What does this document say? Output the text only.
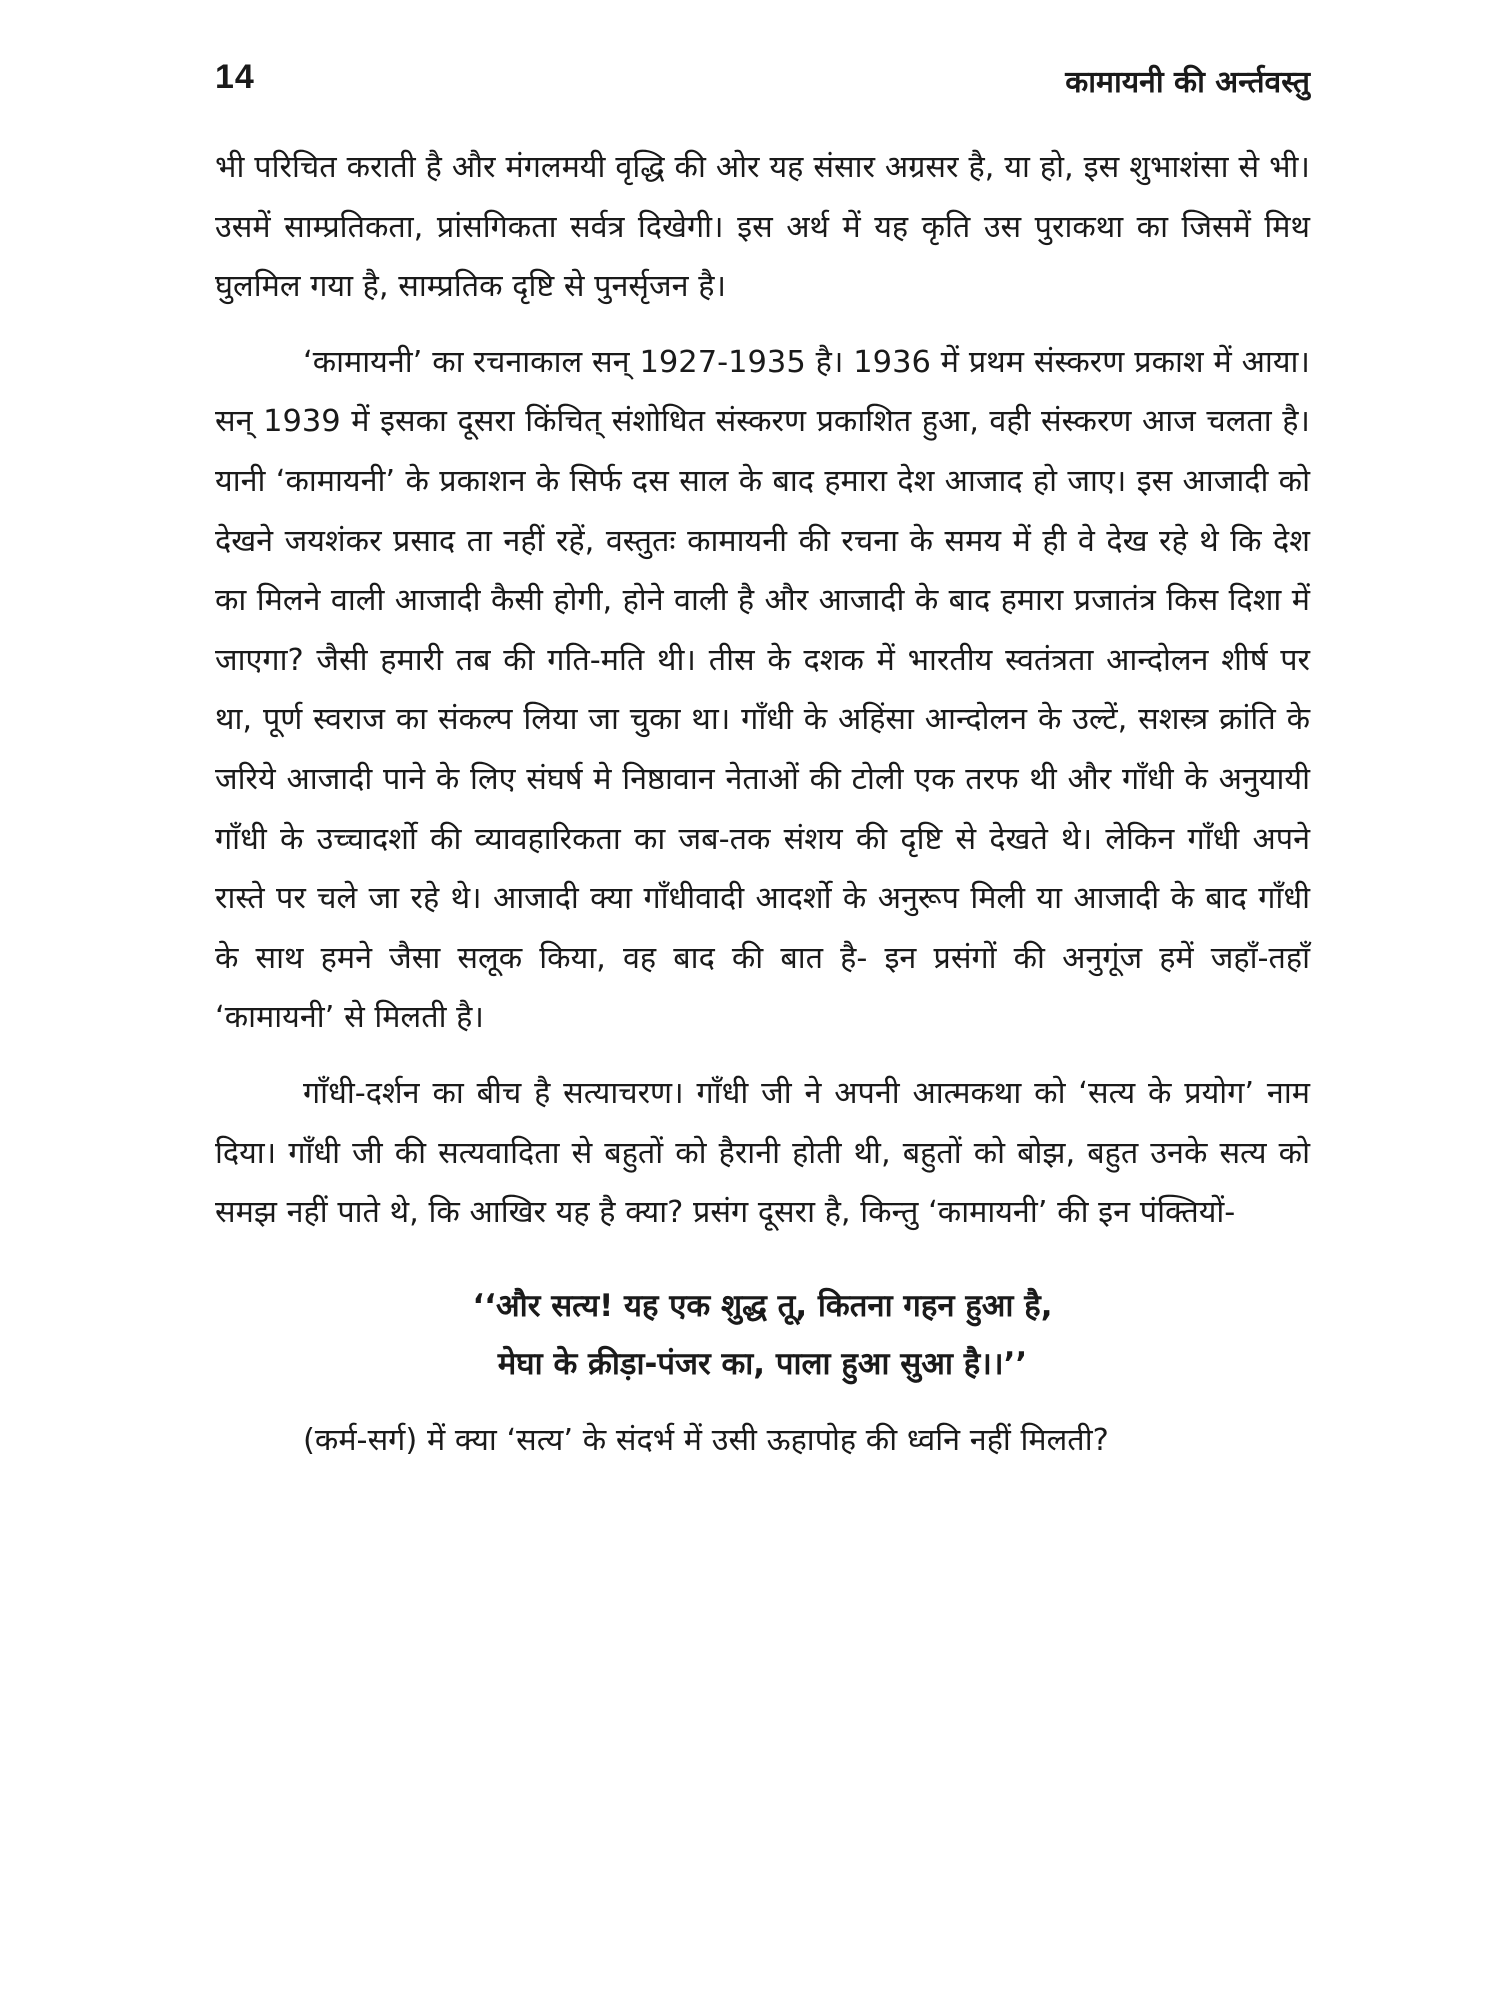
14	कामायनी की अर्न्तवस्तु

भी परिचित कराती है और मंगलमयी वृद्धि की ओर यह संसार अग्रसर है, या हो, इस शुभाशंसा से भी। उसमें साम्प्रतिकता, प्रांसगिकता सर्वत्र दिखेगी। इस अर्थ में यह कृति उस पुराकथा का जिसमें मिथ घुलमिल गया है, साम्प्रतिक दृष्टि से पुनर्सृजन है।

‘कामायनी’ का रचनाकाल सन् 1927-1935 है। 1936 में प्रथम संस्करण प्रकाश में आया। सन् 1939 में इसका दूसरा किंचित् संशोधित संस्करण प्रकाशित हुआ, वही संस्करण आज चलता है। यानी ‘कामायनी’ के प्रकाशन के सिर्फ दस साल के बाद हमारा देश आजाद हो जाए। इस आजादी को देखने जयशंकर प्रसाद ता नहीं रहें, वस्तुतः कामायनी की रचना के समय में ही वे देख रहे थे कि देश का मिलने वाली आजादी कैसी होगी, होने वाली है और आजादी के बाद हमारा प्रजातंत्र किस दिशा में जाएगा? जैसी हमारी तब की गति-मति थी। तीस के दशक में भारतीय स्वतंत्रता आन्दोलन शीर्ष पर था, पूर्ण स्वराज का संकल्प लिया जा चुका था। गाँधी के अहिंसा आन्दोलन के उल्टें, सशस्त्र क्रांति के जरिये आजादी पाने के लिए संघर्ष मे निष्ठावान नेताओं की टोली एक तरफ थी और गाँधी के अनुयायी गाँधी के उच्चादर्शो की व्यावहारिकता का जब-तक संशय की दृष्टि से देखते थे। लेकिन गाँधी अपने रास्ते पर चले जा रहे थे। आजादी क्या गाँधीवादी आदर्शो के अनुरूप मिली या आजादी के बाद गाँधी के साथ हमने जैसा सलूक किया, वह बाद की बात है- इन प्रसंगों की अनुगूंज हमें जहाँ-तहाँ ‘कामायनी’ से मिलती है।

गाँधी-दर्शन का बीच है सत्याचरण। गाँधी जी ने अपनी आत्मकथा को ‘सत्य के प्रयोग’ नाम दिया। गाँधी जी की सत्यवादिता से बहुतों को हैरानी होती थी, बहुतों को बोझ, बहुत उनके सत्य को समझ नहीं पाते थे, कि आखिर यह है क्या? प्रसंग दूसरा है, किन्तु ‘कामायनी’ की इन पंक्तियों-

‘‘और सत्य! यह एक शुद्ध तू, कितना गहन हुआ है,
मेघा के क्रीड़ा-पंजर का, पाला हुआ सुआ है।।’’

(कर्म-सर्ग) में क्या ‘सत्य’ के संदर्भ में उसी ऊहापोह की ध्वनि नहीं मिलती?
